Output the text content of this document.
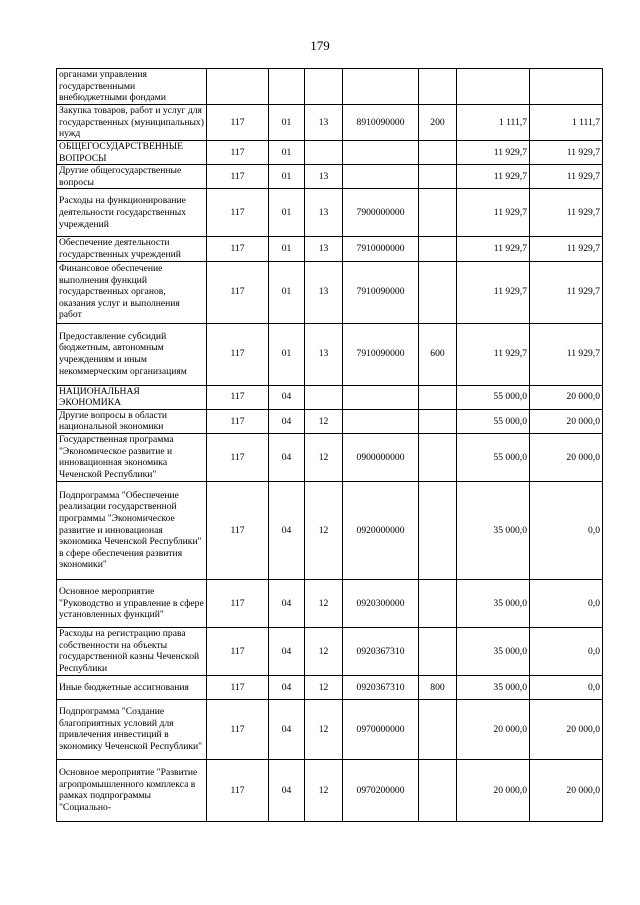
179
органами управления государственными внебюджетными фондами							
Закупка товаров, работ и услуг для государственных (муниципальных) нужд	117	01	13	8910090000	200	1 111,7	1 111,7
ОБЩЕГОСУДАРСТВЕННЫЕ ВОПРОСЫ	117	01				11 929,7	11 929,7
Другие общегосударственные вопросы	117	01	13			11 929,7	11 929,7
Расходы на функционирование деятельности государственных учреждений	117	01	13	7900000000		11 929,7	11 929,7
Обеспечение деятельности государственных учреждений	117	01	13	7910000000		11 929,7	11 929,7
Финансовое обеспечение выполнения функций государственных органов, оказания услуг и выполнения работ	117	01	13	7910090000		11 929,7	11 929,7
Предоставление субсидий бюджетным, автономным учреждениям и иным некоммерческим организациям	117	01	13	7910090000	600	11 929,7	11 929,7
НАЦИОНАЛЬНАЯ ЭКОНОМИКА	117	04				55 000,0	20 000,0
Другие вопросы в области национальной экономики	117	04	12			55 000,0	20 000,0
Государственная программа "Экономическое развитие и инновационная экономика Чеченской Республики"	117	04	12	0900000000		55 000,0	20 000,0
Подпрограмма "Обеспечение реализации государственной программы "Экономическое развитие и инновационая экономика Чеченской Республики" в сфере обеспечения развития экономики"	117	04	12	0920000000		35 000,0	0,0
Основное мероприятие "Руководство и управление в сфере установленных функций"	117	04	12	0920300000		35 000,0	0,0
Расходы на регистрацию права собственности на объекты государственной казны Чеченской Республики	117	04	12	0920367310		35 000,0	0,0
Иные бюджетные ассигнования	117	04	12	0920367310	800	35 000,0	0,0
Подпрограмма "Создание благоприятных условий для привлечения инвестиций в экономику Чеченской Республики"	117	04	12	0970000000		20 000,0	20 000,0
Основное мероприятие "Развитие агропромышленного комплекса в рамках подпрограммы "Социально-	117	04	12	0970200000		20 000,0	20 000,0
